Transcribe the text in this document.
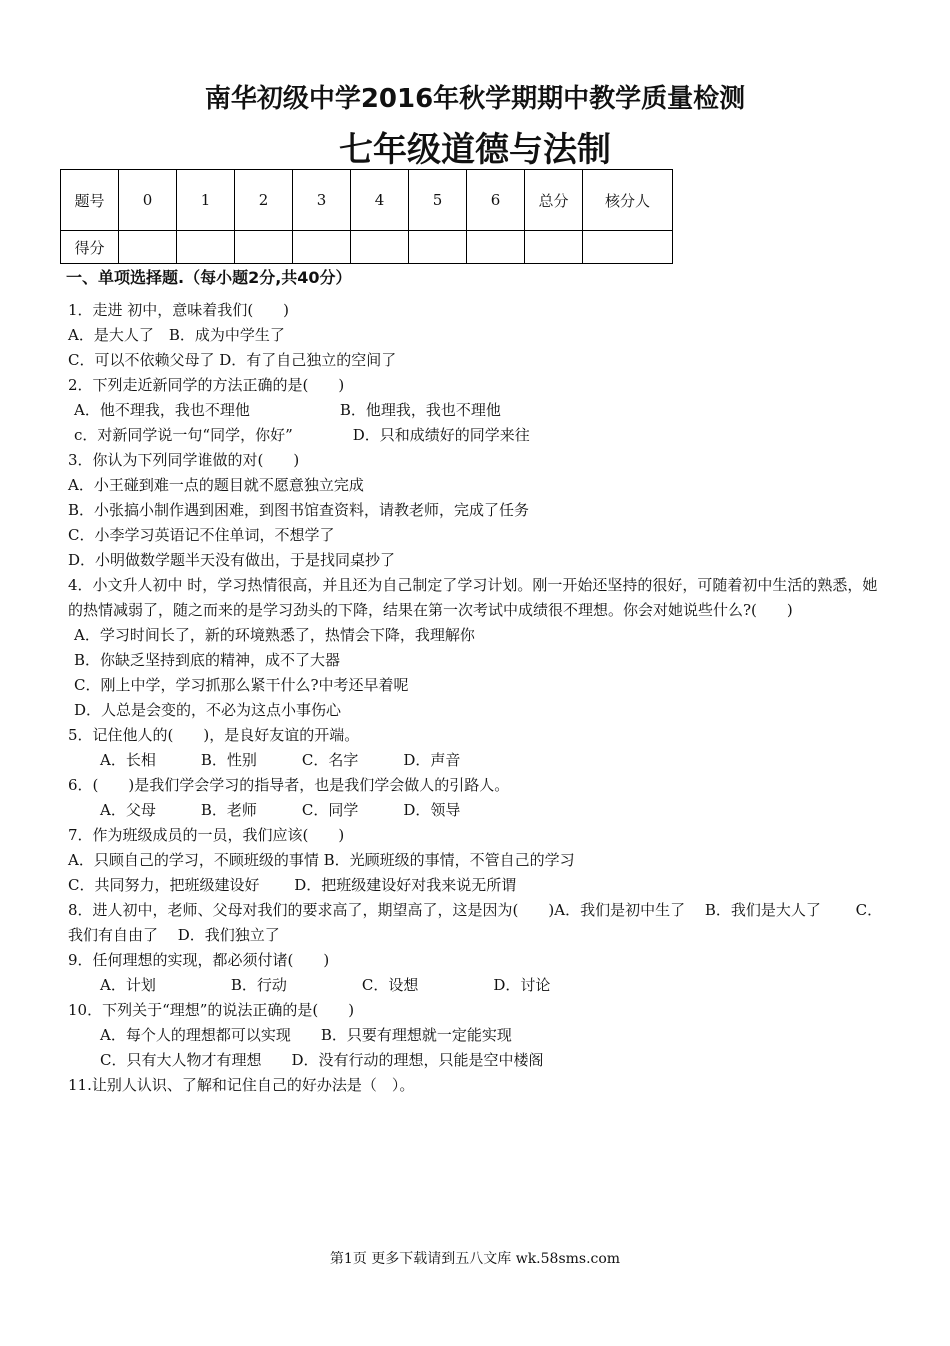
南华初级中学2016年秋学期期中教学质量检测
七年级道德与法制
题号	0	1	2	3	4	5	6	总分	核分人
得分									
一、单项选择题.（每小题2分,共40分）
1．走进 初中，意味着我们(　　)
A．是大人了　B．成为中学生了
C．可以不依赖父母了 D．有了自己独立的空间了
2．下列走近新同学的方法正确的是(　　)
A．他不理我，我也不理他　　　　　　B．他理我，我也不理他
c．对新同学说一句“同学，你好”　　　　D．只和成绩好的同学来往
3．你认为下列同学谁做的对(　　)
A．小王碰到难一点的题目就不愿意独立完成
B．小张搞小制作遇到困难，到图书馆查资料，请教老师，完成了任务
C．小李学习英语记不住单词，不想学了
D．小明做数学题半天没有做出，于是找同桌抄了
4．小文升人初中 时，学习热情很高，并且还为自己制定了学习计划。刚一开始还坚持的很好，可随着初中生活的熟悉，她的热情减弱了，随之而来的是学习劲头的下降，结果在第一次考试中成绩很不理想。你会对她说些什么?(　　)
A．学习时间长了，新的环境熟悉了，热情会下降，我理解你
B．你缺乏坚持到底的精神，成不了大器
C．刚上中学，学习抓那么紧干什么?中考还早着呢
D．人总是会变的，不必为这点小事伤心
5．记住他人的(　　)，是良好友谊的开端。
A．长相　　　B．性别　　　C．名字　　　D．声音
6．(　　)是我们学会学习的指导者，也是我们学会做人的引路人。
A．父母　　　B．老师　　　C．同学　　　D．领导
7．作为班级成员的一员，我们应该(　　)
A．只顾自己的学习，不顾班级的事情 B．光顾班级的事情，不管自己的学习
C．共同努力，把班级建设好　　 D．把班级建设好对我来说无所谓
8．进人初中，老师、父母对我们的要求高了，期望高了，这是因为(　　)A．我们是初中生了　 B．我们是大人了　　 C．我们有自由了　 D．我们独立了
9．任何理想的实现，都必须付诸(　　)
A．计划　　　　　B．行动　　　　　C．设想　　　　　D．讨论
10．下列关于“理想”的说法正确的是(　　)
A．每个人的理想都可以实现　　B．只要有理想就一定能实现
C．只有大人物才有理想　　D．没有行动的理想，只能是空中楼阁
11.让别人认识、了解和记住自己的好办法是（　）。
第1页 更多下载请到五八文库 wk.58sms.com
